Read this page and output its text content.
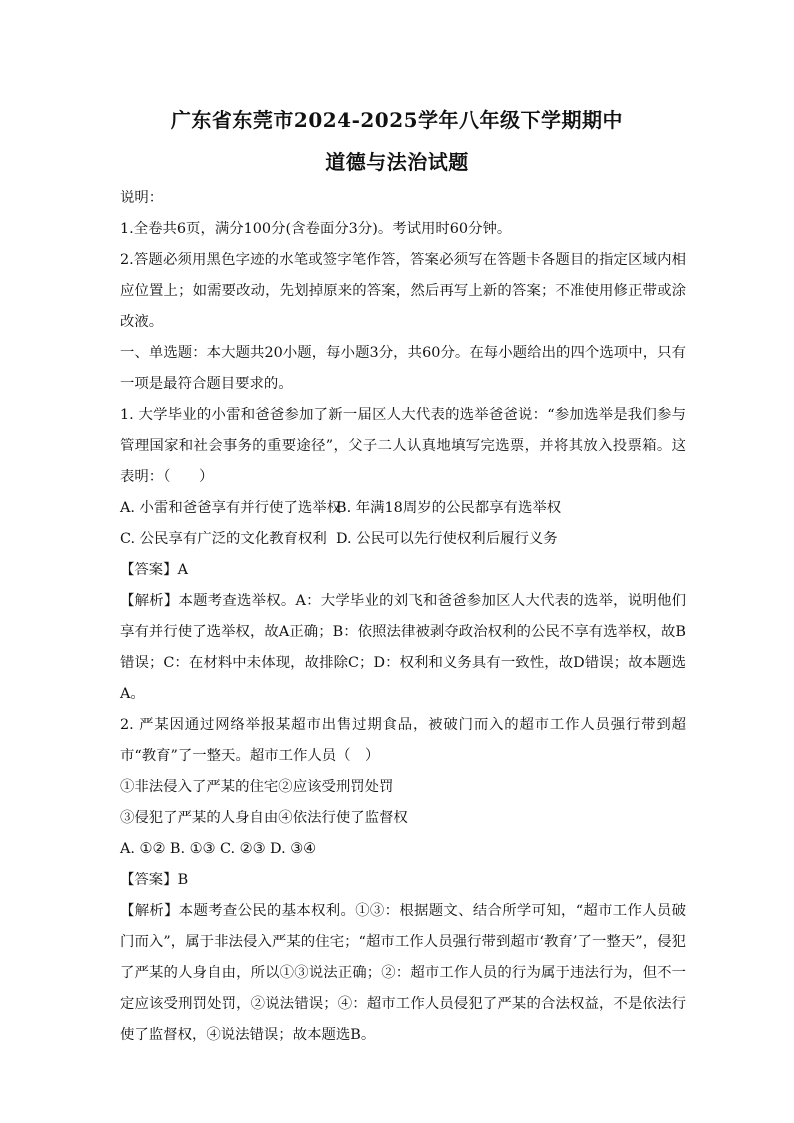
广东省东莞市2024-2025学年八年级下学期期中
道德与法治试题

说明：

1.全卷共6页，满分100分(含卷面分3分)。考试用时60分钟。

2.答题必须用黑色字迹的水笔或签字笔作答，答案必须写在答题卡各题目的指定区域内相应位置上；如需要改动，先划掉原来的答案，然后再写上新的答案；不准使用修正带或涂改液。

一、单选题：本大题共20小题，每小题3分，共60分。在每小题给出的四个选项中，只有一项是最符合题目要求的。

1. 大学毕业的小雷和爸爸参加了新一届区人大代表的选举爸爸说：“参加选举是我们参与管理国家和社会事务的重要途径”，父子二人认真地填写完选票，并将其放入投票箱。这表明：（　　）

A. 小雷和爸爸享有并行使了选举权
B. 年满18周岁的公民都享有选举权
C. 公民享有广泛的文化教育权利 D. 公民可以先行使权利后履行义务

【答案】A

【解析】本题考查选举权。A：大学毕业的刘飞和爸爸参加区人大代表的选举，说明他们享有并行使了选举权，故A正确；B：依照法律被剥夺政治权利的公民不享有选举权，故B错误；C：在材料中未体现，故排除C；D：权利和义务具有一致性，故D错误；故本题选A。

2. 严某因通过网络举报某超市出售过期食品，被破门而入的超市工作人员强行带到超市“教育”了一整天。超市工作人员（　）

①非法侵入了严某的住宅②应该受刑罚处罚

③侵犯了严某的人身自由④依法行使了监督权

A. ①② B. ①③ C. ②③ D. ③④

【答案】B

【解析】本题考查公民的基本权利。①③：根据题文、结合所学可知，“超市工作人员破门而入”，属于非法侵入严某的住宅；“超市工作人员强行带到超市‘教育’了一整天”，侵犯了严某的人身自由，所以①③说法正确；②：超市工作人员的行为属于违法行为，但不一定应该受刑罚处罚，②说法错误；④：超市工作人员侵犯了严某的合法权益，不是依法行使了监督权，④说法错误；故本题选B。
